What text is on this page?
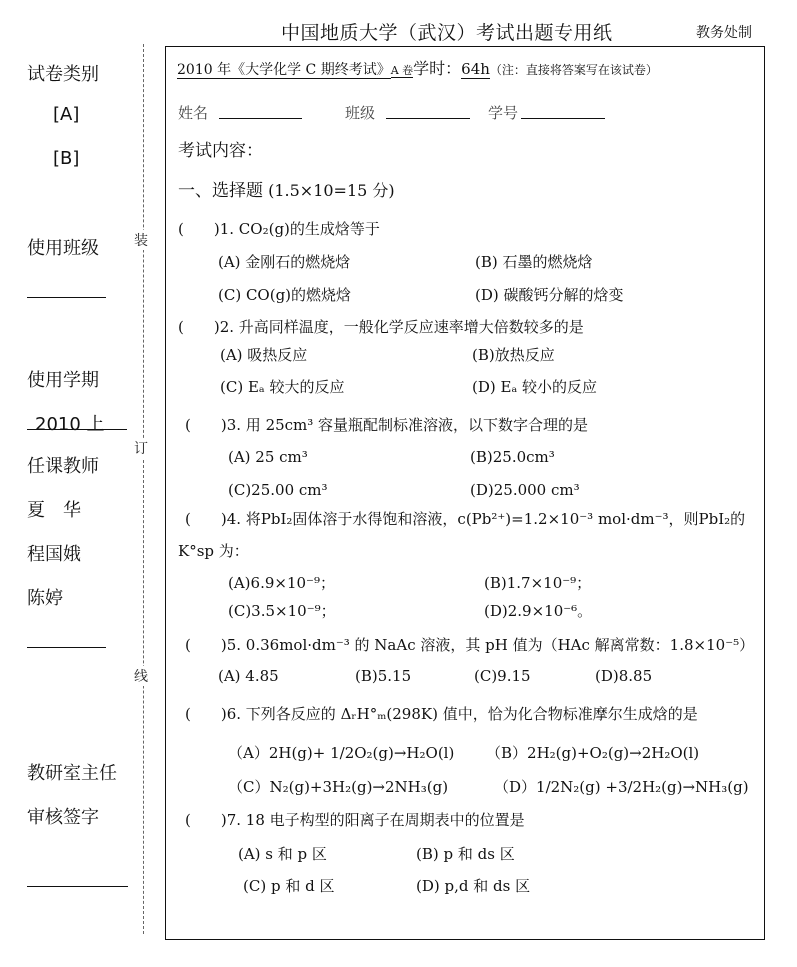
中国地质大学（武汉）考试出题专用纸	教务处制
试卷类别
[A]
[B]
使用班级
使用学期
2010 上
任课教师
夏　华
程国娥
陈婷
教研室主任
审核签字
装
订
线
2010 年《大学化学 C 期终考试》A 卷学时：64h（注：直接将答案写在该试卷）
姓名	班级	学号
考试内容：
一、选择题 (1.5×10=15 分)
(　　)1. CO₂(g)的生成焓等于
(A) 金刚石的燃烧焓	(B) 石墨的燃烧焓
(C) CO(g)的燃烧焓	(D) 碳酸钙分解的焓变
(　　)2. 升高同样温度，一般化学反应速率增大倍数较多的是
(A) 吸热反应	(B)放热反应
(C) Eₐ 较大的反应	(D) Eₐ 较小的反应
(　　)3. 用 25cm³ 容量瓶配制标准溶液，以下数字合理的是
(A) 25 cm³	(B)25.0cm³
(C)25.00 cm³	(D)25.000 cm³
(　　)4. 将PbI₂固体溶于水得饱和溶液，c(Pb²⁺)=1.2×10⁻³ mol·dm⁻³，则PbI₂的
K°sp 为：
(A)6.9×10⁻⁹；	(B)1.7×10⁻⁹；
(C)3.5×10⁻⁹；	(D)2.9×10⁻⁶。
(　　)5. 0.36mol·dm⁻³ 的 NaAc 溶液，其 pH 值为（HAc 解离常数：1.8×10⁻⁵）
(A) 4.85	(B)5.15	(C)9.15	(D)8.85
(　　)6. 下列各反应的 ΔᵣH°ₘ(298K) 值中，恰为化合物标准摩尔生成焓的是
（A）2H(g)+ 1/2O₂(g)→H₂O(l) （B）2H₂(g)+O₂(g)→2H₂O(l)
（C）N₂(g)+3H₂(g)→2NH₃(g)	（D）1/2N₂(g) +3/2H₂(g)→NH₃(g)
(　　)7. 18 电子构型的阳离子在周期表中的位置是
(A) s 和 p 区	(B) p 和 ds 区
(C) p 和 d 区	(D) p,d 和 ds 区
